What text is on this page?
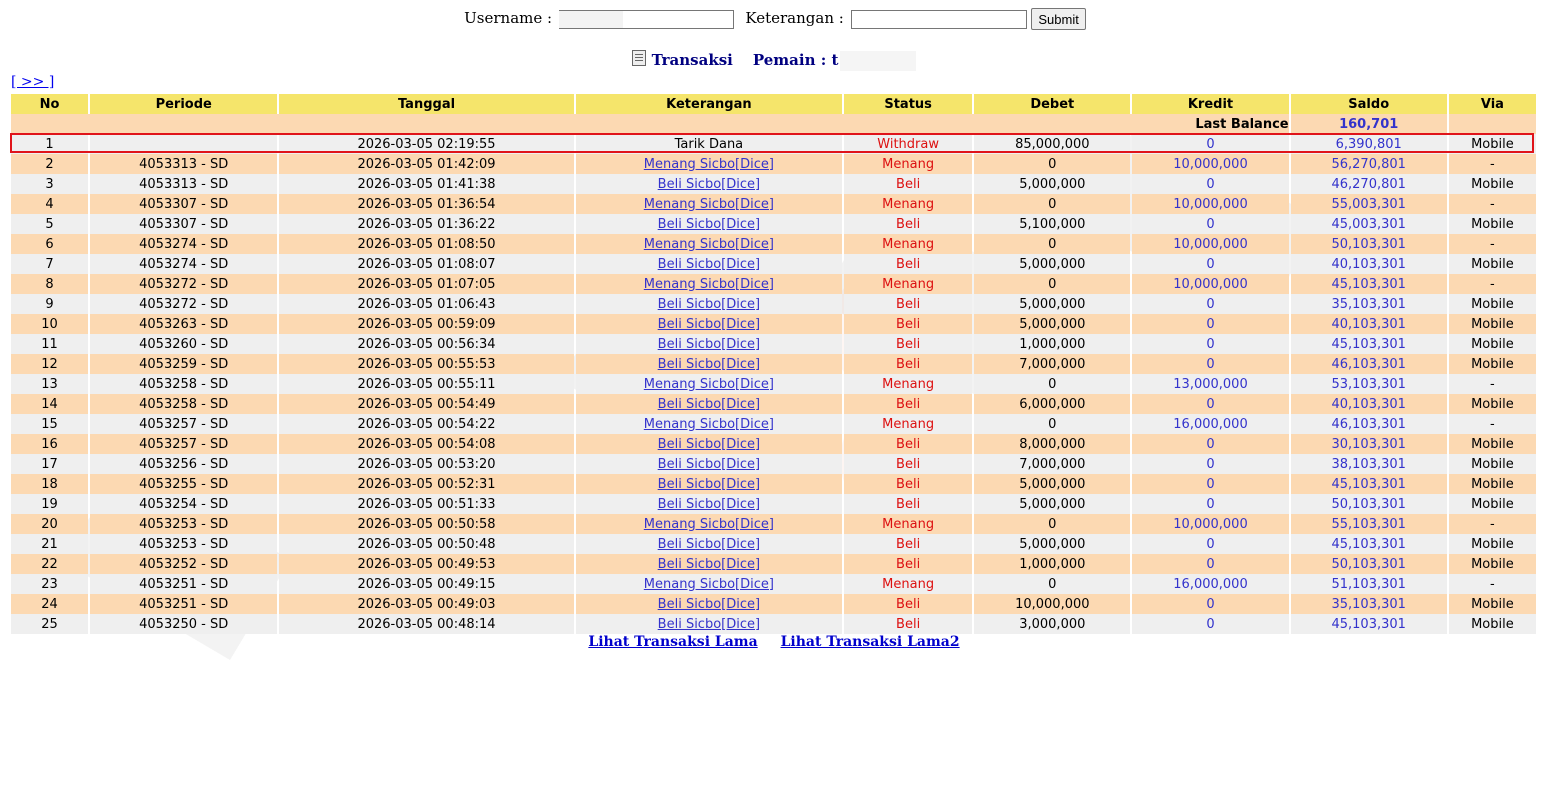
Username : t	Keterangan :	Submit
Transaksi Pemain : t
[ >> ]
No	Periode	Tanggal	Keterangan	Status	Debet	Kredit	Saldo	Via
Last Balance							160,701	
1		2026-03-05 02:19:55	Tarik Dana	Withdraw	85,000,000	0	6,390,801	Mobile
2	4053313 - SD	2026-03-05 01:42:09	Menang Sicbo[Dice]	Menang	0	10,000,000	56,270,801	-
3	4053313 - SD	2026-03-05 01:41:38	Beli Sicbo[Dice]	Beli	5,000,000	0	46,270,801	Mobile
4	4053307 - SD	2026-03-05 01:36:54	Menang Sicbo[Dice]	Menang	0	10,000,000	55,003,301	-
5	4053307 - SD	2026-03-05 01:36:22	Beli Sicbo[Dice]	Beli	5,100,000	0	45,003,301	Mobile
6	4053274 - SD	2026-03-05 01:08:50	Menang Sicbo[Dice]	Menang	0	10,000,000	50,103,301	-
7	4053274 - SD	2026-03-05 01:08:07	Beli Sicbo[Dice]	Beli	5,000,000	0	40,103,301	Mobile
8	4053272 - SD	2026-03-05 01:07:05	Menang Sicbo[Dice]	Menang	0	10,000,000	45,103,301	-
9	4053272 - SD	2026-03-05 01:06:43	Beli Sicbo[Dice]	Beli	5,000,000	0	35,103,301	Mobile
10	4053263 - SD	2026-03-05 00:59:09	Beli Sicbo[Dice]	Beli	5,000,000	0	40,103,301	Mobile
11	4053260 - SD	2026-03-05 00:56:34	Beli Sicbo[Dice]	Beli	1,000,000	0	45,103,301	Mobile
12	4053259 - SD	2026-03-05 00:55:53	Beli Sicbo[Dice]	Beli	7,000,000	0	46,103,301	Mobile
13	4053258 - SD	2026-03-05 00:55:11	Menang Sicbo[Dice]	Menang	0	13,000,000	53,103,301	-
14	4053258 - SD	2026-03-05 00:54:49	Beli Sicbo[Dice]	Beli	6,000,000	0	40,103,301	Mobile
15	4053257 - SD	2026-03-05 00:54:22	Menang Sicbo[Dice]	Menang	0	16,000,000	46,103,301	-
16	4053257 - SD	2026-03-05 00:54:08	Beli Sicbo[Dice]	Beli	8,000,000	0	30,103,301	Mobile
17	4053256 - SD	2026-03-05 00:53:20	Beli Sicbo[Dice]	Beli	7,000,000	0	38,103,301	Mobile
18	4053255 - SD	2026-03-05 00:52:31	Beli Sicbo[Dice]	Beli	5,000,000	0	45,103,301	Mobile
19	4053254 - SD	2026-03-05 00:51:33	Beli Sicbo[Dice]	Beli	5,000,000	0	50,103,301	Mobile
20	4053253 - SD	2026-03-05 00:50:58	Menang Sicbo[Dice]	Menang	0	10,000,000	55,103,301	-
21	4053253 - SD	2026-03-05 00:50:48	Beli Sicbo[Dice]	Beli	5,000,000	0	45,103,301	Mobile
22	4053252 - SD	2026-03-05 00:49:53	Beli Sicbo[Dice]	Beli	1,000,000	0	50,103,301	Mobile
23	4053251 - SD	2026-03-05 00:49:15	Menang Sicbo[Dice]	Menang	0	16,000,000	51,103,301	-
24	4053251 - SD	2026-03-05 00:49:03	Beli Sicbo[Dice]	Beli	10,000,000	0	35,103,301	Mobile
25	4053250 - SD	2026-03-05 00:48:14	Beli Sicbo[Dice]	Beli	3,000,000	0	45,103,301	Mobile
Lihat Transaksi Lama Lihat Transaksi Lama2
